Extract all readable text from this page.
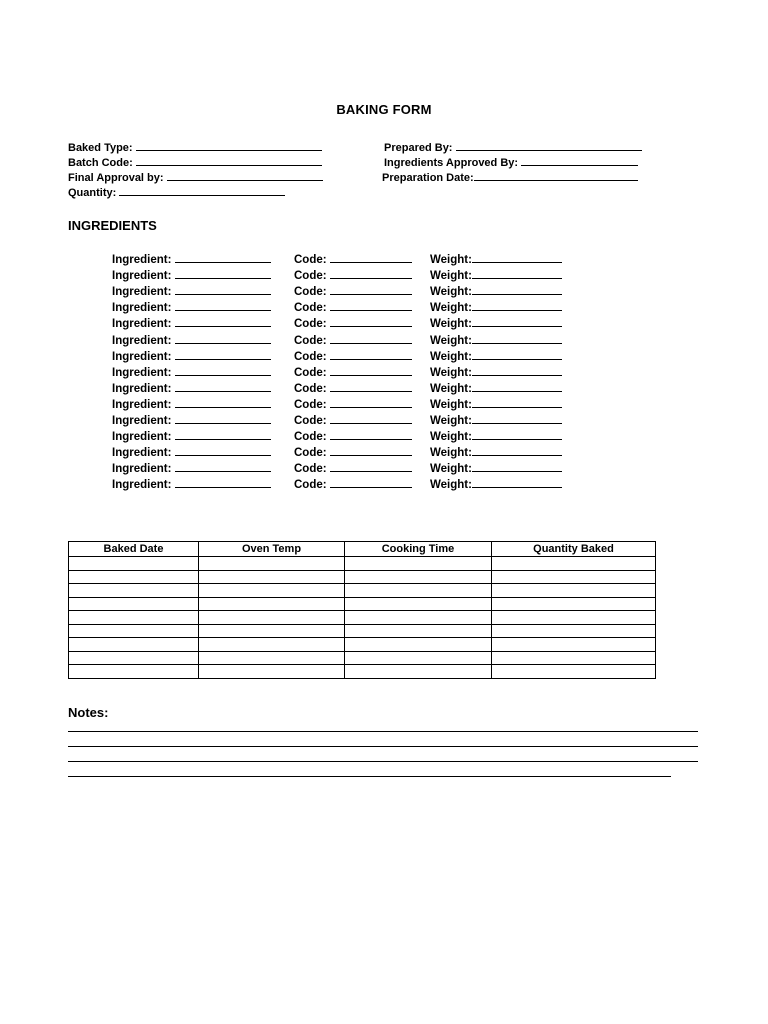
BAKING FORM
Baked Type:
Batch Code:
Final Approval by:
Quantity:
Prepared By:
Ingredients Approved By:
Preparation Date:
INGREDIENTS
Ingredient:	Code:	Weight:
Ingredient:	Code:	Weight:
Ingredient:	Code:	Weight:
Ingredient:	Code:	Weight:
Ingredient:	Code:	Weight:
Ingredient:	Code:	Weight:
Ingredient:	Code:	Weight:
Ingredient:	Code:	Weight:
Ingredient:	Code:	Weight:
Ingredient:	Code:	Weight:
Ingredient:	Code:	Weight:
Ingredient:	Code:	Weight:
Ingredient:	Code:	Weight:
Ingredient:	Code:	Weight:
Ingredient:	Code:	Weight:
Baked Date	Oven Temp	Cooking Time	Quantity Baked

Notes:
